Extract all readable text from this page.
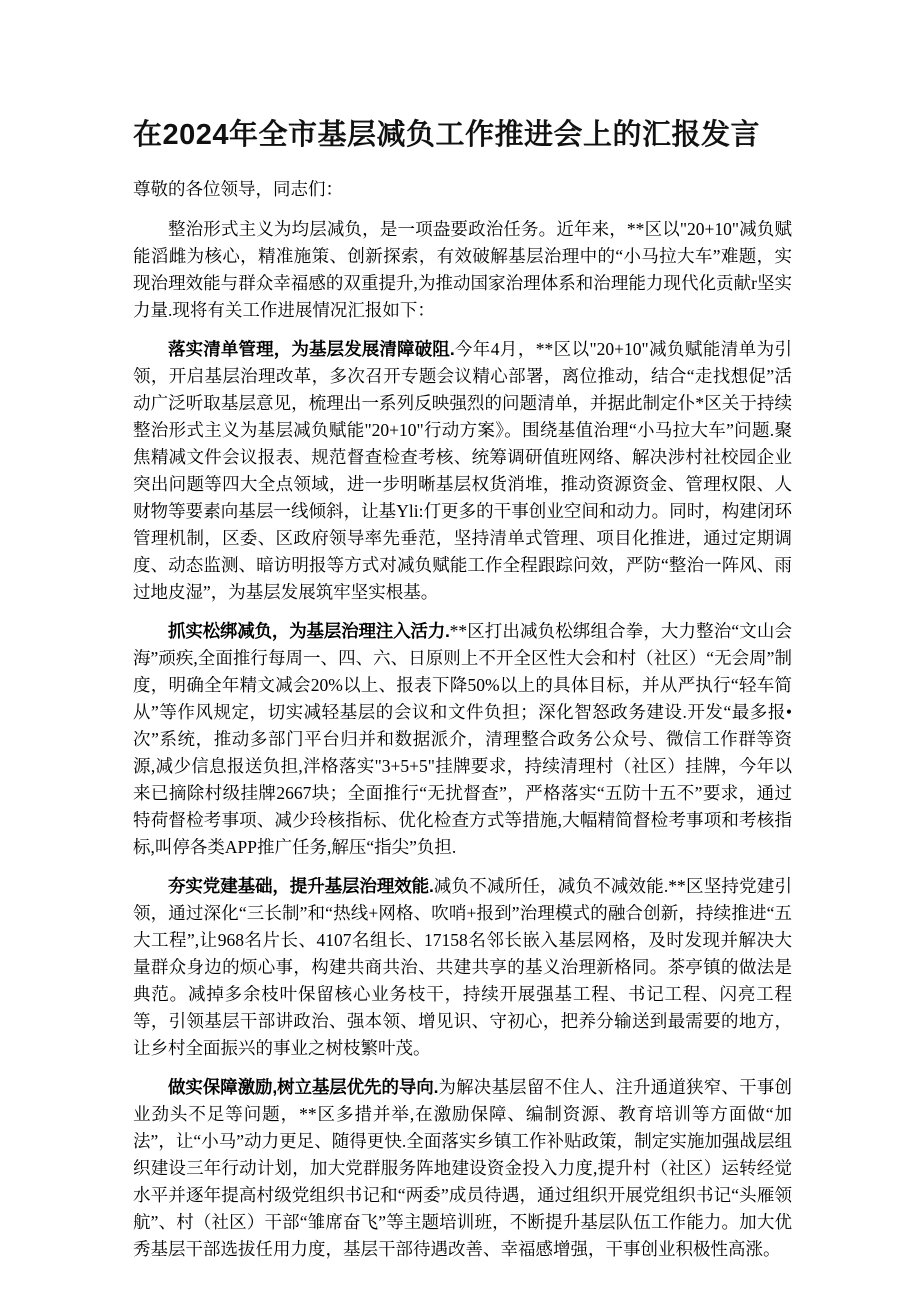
在2024年全市基层减负工作推进会上的汇报发言

尊敬的各位领导，同志们：

整治形式主义为均层减负，是一项盎要政治任务。近年来，**区以"20+10"减负赋能滔雌为核心，精准施策、创新探索，有效破解基层治理中的“小马拉大车”难题，实现治理效能与群众幸福感的双重提升,为推动国家治理体系和治理能力现代化贡献r坚实力量.现将有关工作进展情况汇报如下：

落实清单管理，为基层发展清障破阻.今年4月，**区以"20+10"减负赋能清单为引领，开启基层治理改革，多次召开专题会议精心部署，离位推动，结合“走找想促”活动广泛听取基层意见，梳理出一系列反映强烈的问题清单，并据此制定仆*区关于持续整治形式主义为基层减负赋能"20+10"行动方案》。围绕基值治理“小马拉大车”问题.聚焦精减文件会议报表、规范督查检查考核、统筹调研值班网络、解决涉村社校园企业突出问题等四大全点领域，进一步明晰基层权货消堆，推动资源资金、管理权限、人财物等要素向基层一线倾斜，让基Yli:仃更多的干事创业空间和动力。同时，构建闭环管理机制，区委、区政府领导率先垂范，坚持清单式管理、项目化推进，通过定期调度、动态监测、暗访明报等方式对减负赋能工作全程跟踪问效，严防“整治一阵风、雨过地皮湿”，为基层发展筑牢坚实根基。

抓实松绑减负，为基层治理注入活力.**区打出减负松绑组合拳，大力整治“文山会海”顽疾,全面推行每周一、四、六、日原则上不开全区性大会和村（社区）“无会周”制度，明确全年精文减会20%以上、报表下降50%以上的具体目标，并从严执行“轻车简从”等作风规定，切实减轻基层的会议和文件负担；深化智怒政务建设.开发“最多报•次”系统，推动多部门平台归并和数据派介，清理整合政务公众号、微信工作群等资源,减少信息报送负担,泮格落实"3+5+5"挂牌要求，持续清理村（社区）挂牌，今年以来已摘除村级挂牌2667块；全面推行“无扰督查”，严格落实“五防十五不”要求，通过特荷督检考事项、减少玲核指标、优化检查方式等措施,大幅精简督检考事项和考核指标,叫停各类APP推广任务,解压“指尖”负担.

夯实党建基础，提升基层治理效能.减负不减所任，减负不减效能.**区坚持党建引领，通过深化“三长制”和“热线+网格、吹哨+报到”治理模式的融合创新，持续推进“五大工程”,让968名片长、4107名组长、17158名邻长嵌入基层网格，及时发现并解决大量群众身边的烦心事，构建共商共治、共建共享的基义治理新格同。茶亭镇的做法是典范。减掉多余枝叶保留核心业务枝干，持续开展强基工程、书记工程、闪亮工程等，引领基层干部讲政治、强本领、增见识、守初心，把养分输送到最需要的地方，让乡村全面振兴的事业之树枝繁叶茂。

做实保障激励,树立基层优先的导向.为解决基层留不住人、注升通道狭窄、干事创业劲头不足等问题，**区多措并举,在激励保障、编制资源、教育培训等方面做“加法”，让“小马”动力更足、随得更快.全面落实乡镇工作补贴政策，制定实施加强战层组织建设三年行动计划，加大党群服务阵地建设资金投入力度,提升村（社区）运转经觉水平并逐年提高村级党组织书记和“两委”成员待遇，通过组织开展党组织书记“头雁领航”、村（社区）干部“雏席奋飞”等主题培训班，不断提升基层队伍工作能力。加大优秀基层干部选拔任用力度，基层干部待遇改善、幸福感增强，干事创业积极性高涨。
